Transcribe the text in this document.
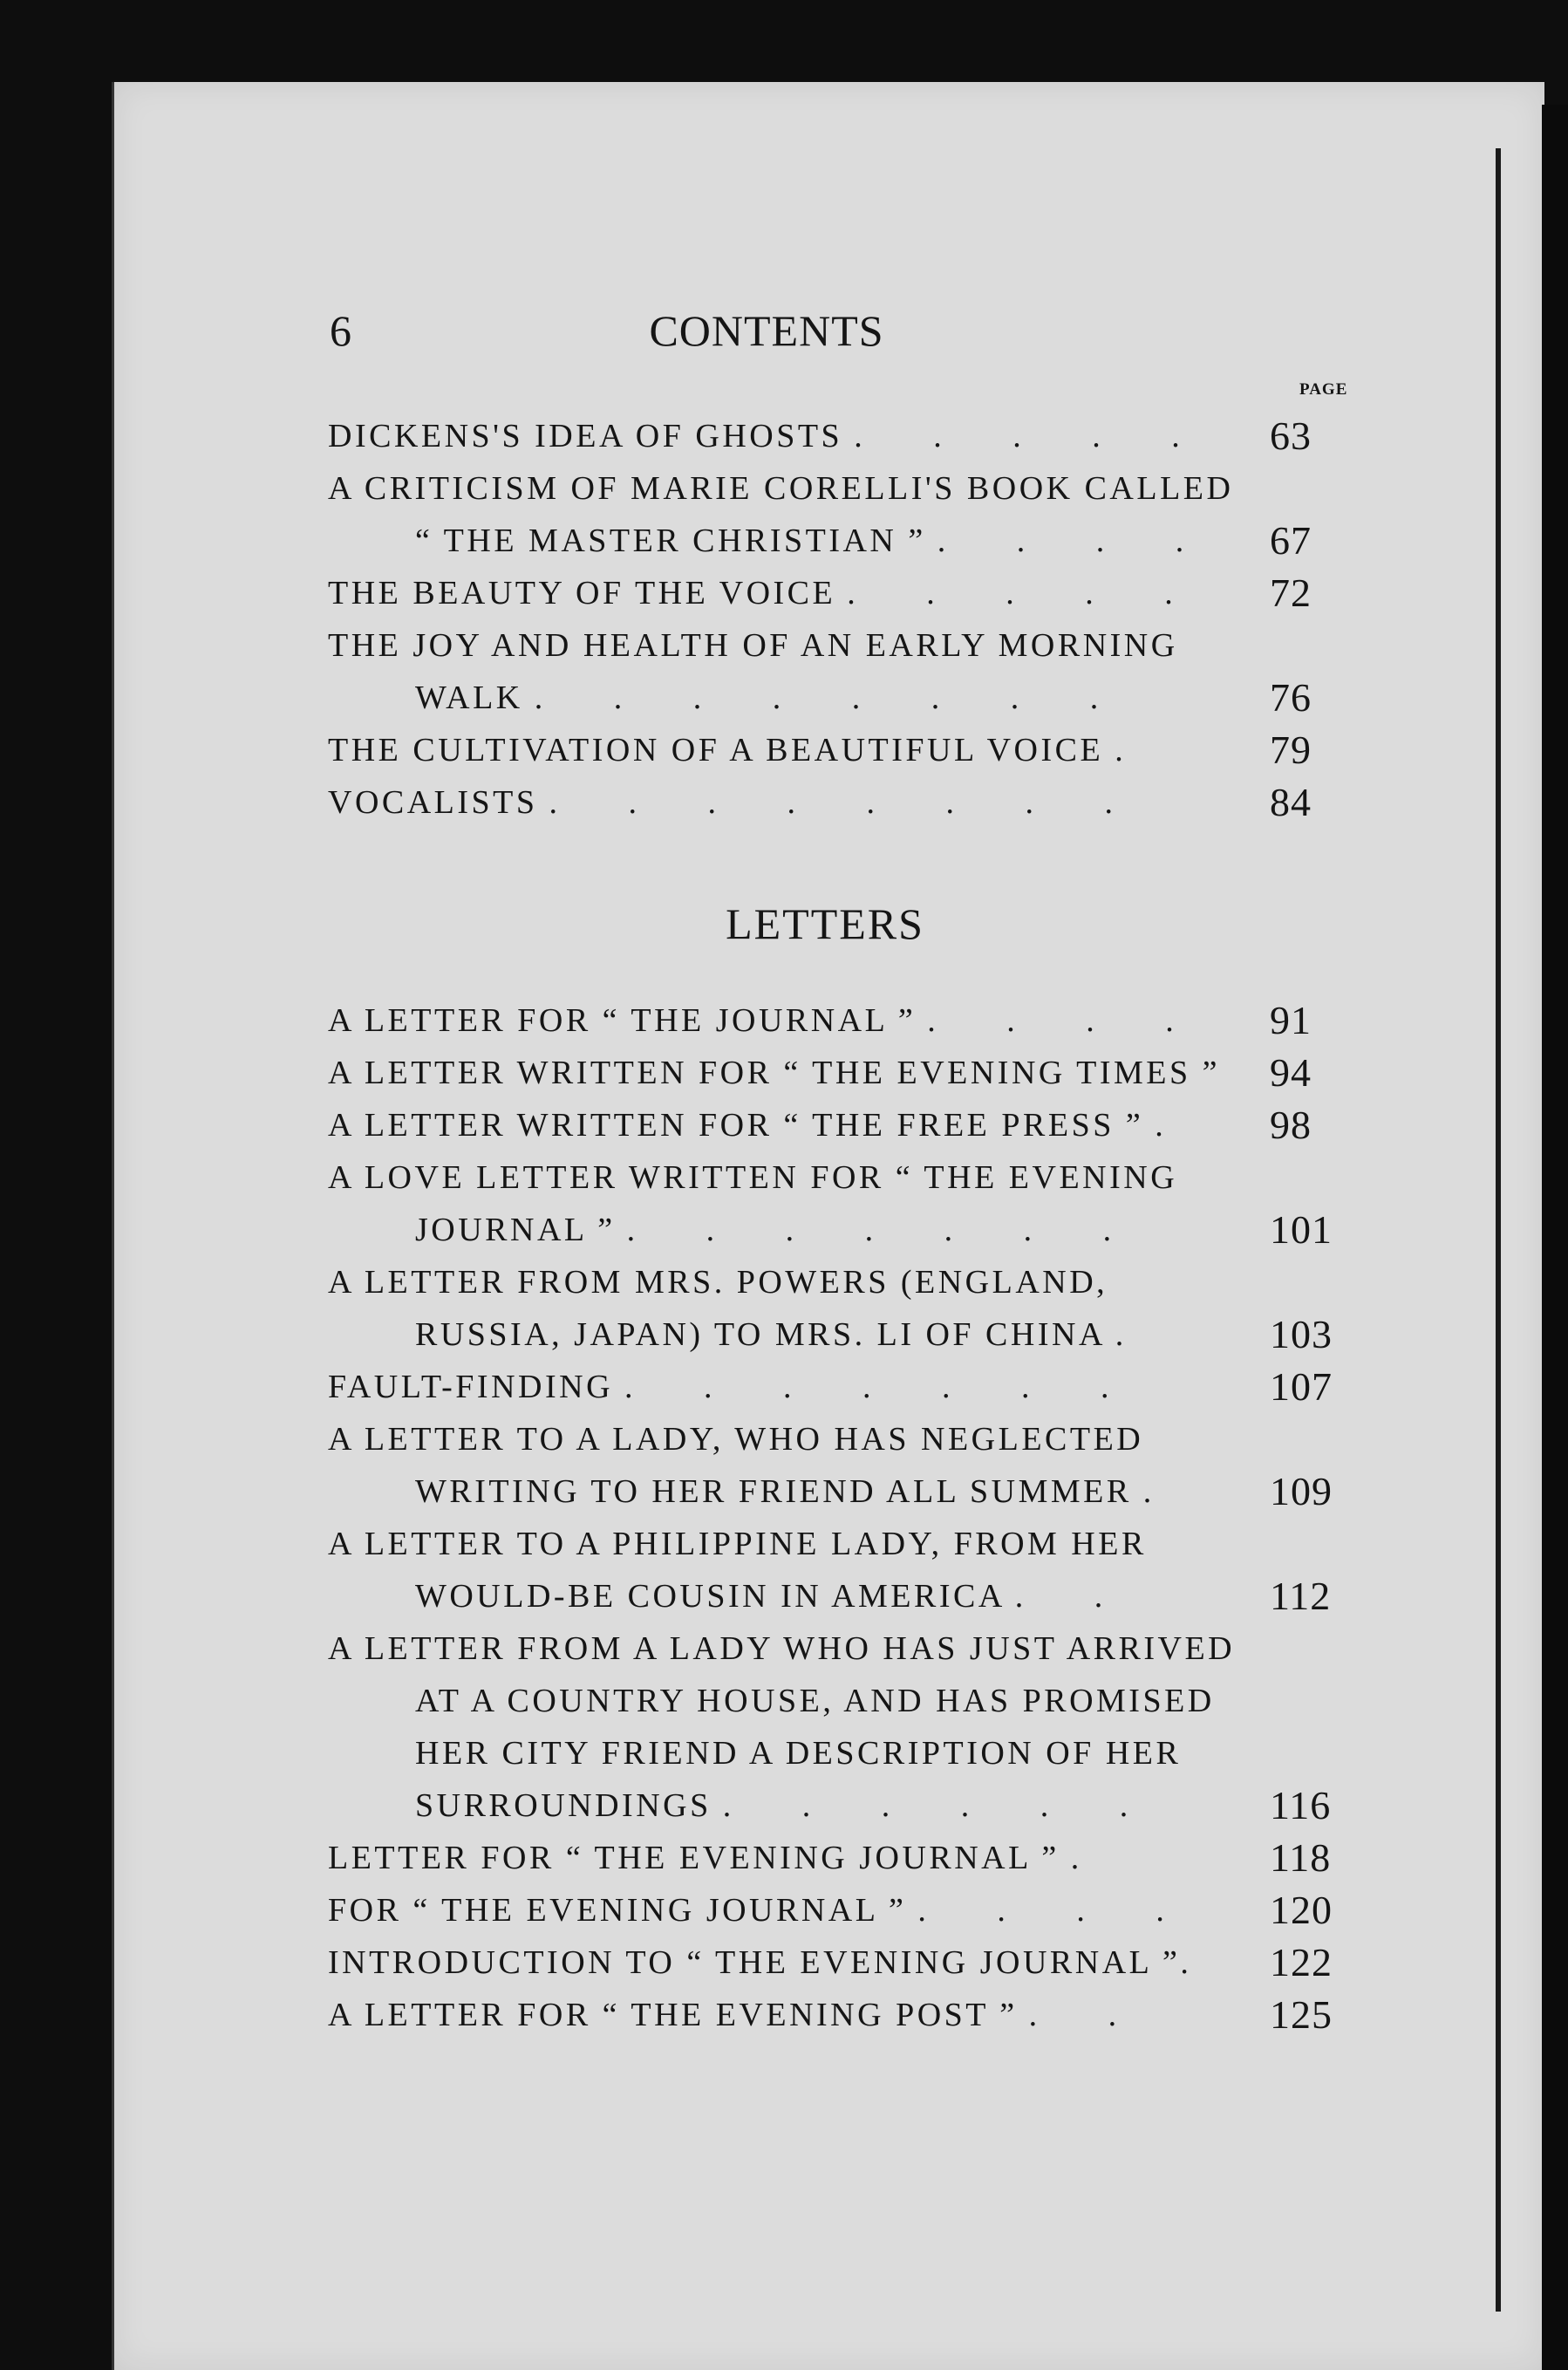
6	CONTENTS
PAGE
DICKENS'S IDEA OF GHOSTS . . . . .	63
A CRITICISM OF MARIE CORELLI'S BOOK CALLED
“ THE MASTER CHRISTIAN ” . . . .	67
THE BEAUTY OF THE VOICE . . . . .	72
THE JOY AND HEALTH OF AN EARLY MORNING
WALK . . . . . . . .	76
THE CULTIVATION OF A BEAUTIFUL VOICE .	79
VOCALISTS . . . . . . . .	84
LETTERS
A LETTER FOR “ THE JOURNAL ” . . . .	91
A LETTER WRITTEN FOR “ THE EVENING TIMES ”	94
A LETTER WRITTEN FOR “ THE FREE PRESS ” .	98
A LOVE LETTER WRITTEN FOR “ THE EVENING
JOURNAL ” . . . . . . .	101
A LETTER FROM MRS. POWERS (ENGLAND,
RUSSIA, JAPAN) TO MRS. LI OF CHINA .	103
FAULT-FINDING . . . . . . .	107
A LETTER TO A LADY, WHO HAS NEGLECTED
WRITING TO HER FRIEND ALL SUMMER .	109
A LETTER TO A PHILIPPINE LADY, FROM HER
WOULD-BE COUSIN IN AMERICA . .	112
A LETTER FROM A LADY WHO HAS JUST ARRIVED
AT A COUNTRY HOUSE, AND HAS PROMISED
HER CITY FRIEND A DESCRIPTION OF HER
SURROUNDINGS . . . . . .	116
LETTER FOR “ THE EVENING JOURNAL ” .	118
FOR “ THE EVENING JOURNAL ” . . . .	120
INTRODUCTION TO “ THE EVENING JOURNAL ”.	122
A LETTER FOR “ THE EVENING POST ” . .	125
